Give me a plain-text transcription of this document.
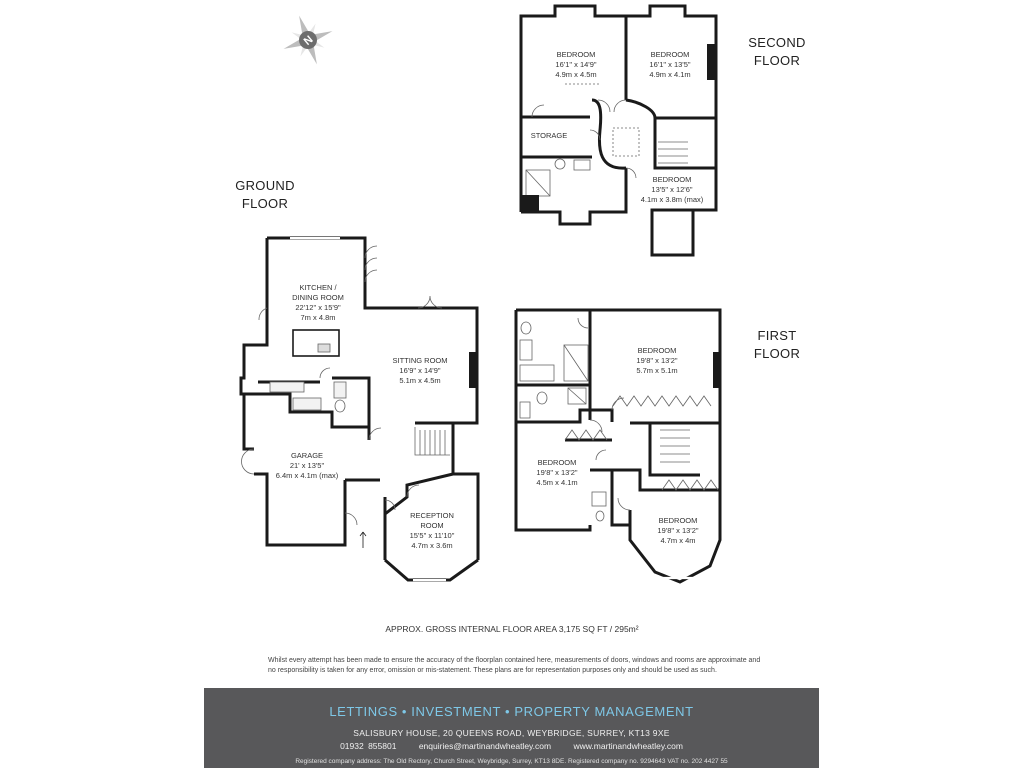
N
GROUND
FLOOR
FIRST
FLOOR
SECOND
FLOOR
KITCHEN /
DINING ROOM
22'12" x 15'9"
7m x 4.8m
SITTING ROOM
16'9" x 14'9"
5.1m x 4.5m
GARAGE
21' x 13'5"
6.4m x 4.1m (max)
RECEPTION
ROOM
15'5" x 11'10"
4.7m x 3.6m
BEDROOM
19'8" x 13'2"
5.7m x 5.1m
BEDROOM
19'8" x 13'2"
4.5m x 4.1m
BEDROOM
19'8" x 13'2"
4.7m x 4m
BEDROOM
16'1" x 14'9"
4.9m x 4.5m
BEDROOM
16'1" x 13'5"
4.9m x 4.1m
BEDROOM
13'5" x 12'6"
4.1m x 3.8m (max)
STORAGE
APPROX. GROSS INTERNAL FLOOR AREA 3,175 SQ FT / 295m²
Whilst every attempt has been made to ensure the accuracy of the floorplan contained here, measurements of doors, windows and rooms are approximate and no responsibility is taken for any error, omission or mis-statement. These plans are for representation purposes only and should be used as such.
LETTINGS • INVESTMENT • PROPERTY MANAGEMENT
SALISBURY HOUSE, 20 QUEENS ROAD, WEYBRIDGE, SURREY, KT13 9XE
01932 855801	enquiries@martinandwheatley.com	www.martinandwheatley.com
Registered company address: The Old Rectory, Church Street, Weybridge, Surrey, KT13 8DE. Registered company no. 9294643 VAT no. 202 4427 55
